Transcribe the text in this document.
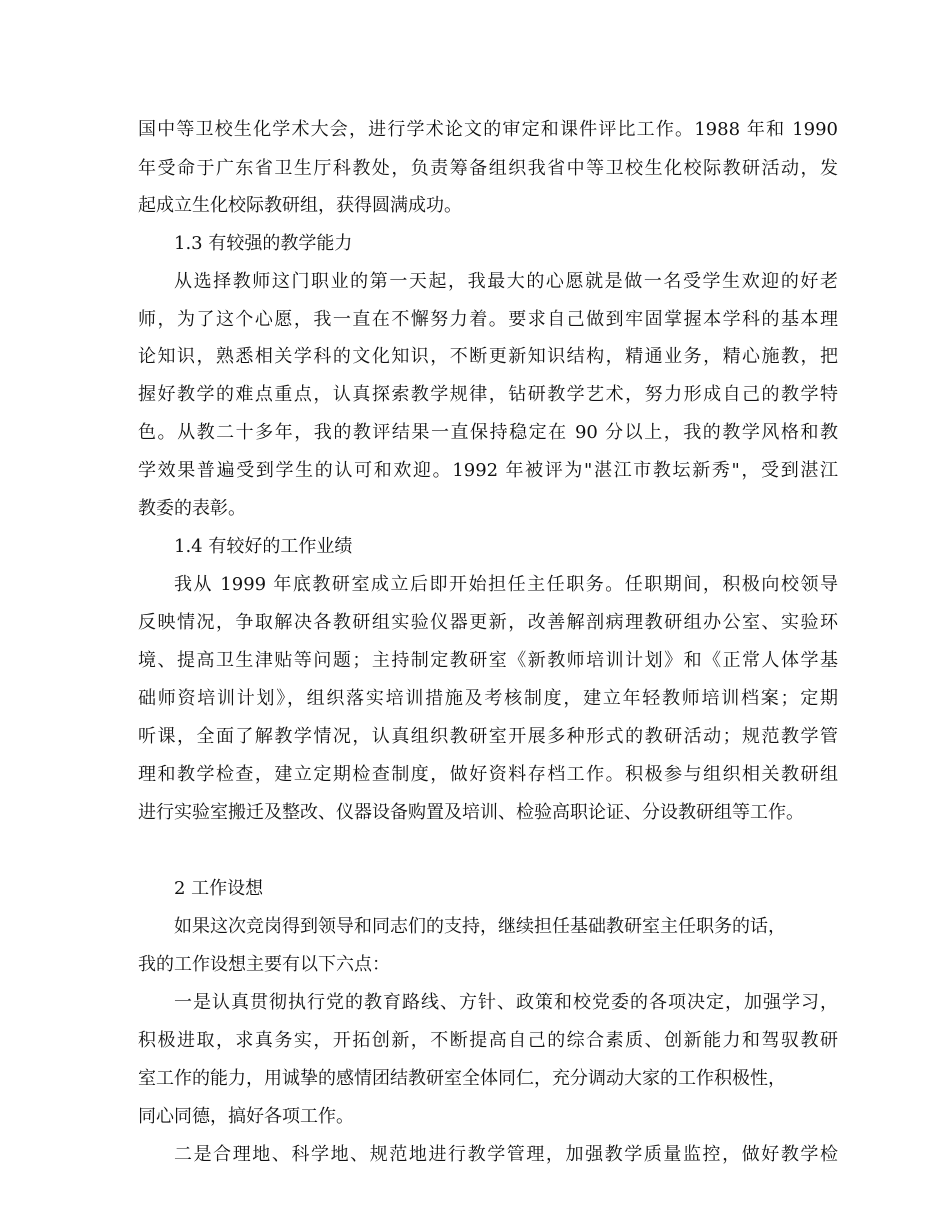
国中等卫校生化学术大会，进行学术论文的审定和课件评比工作。1988 年和 1990
年受命于广东省卫生厅科教处，负责筹备组织我省中等卫校生化校际教研活动，发
起成立生化校际教研组，获得圆满成功。
1.3 有较强的教学能力
从选择教师这门职业的第一天起，我最大的心愿就是做一名受学生欢迎的好老
师，为了这个心愿，我一直在不懈努力着。要求自己做到牢固掌握本学科的基本理
论知识，熟悉相关学科的文化知识，不断更新知识结构，精通业务，精心施教，把
握好教学的难点重点，认真探索教学规律，钻研教学艺术，努力形成自己的教学特
色。从教二十多年，我的教评结果一直保持稳定在 90 分以上，我的教学风格和教
学效果普遍受到学生的认可和欢迎。1992 年被评为"湛江市教坛新秀"，受到湛江
教委的表彰。
1.4 有较好的工作业绩
我从 1999 年底教研室成立后即开始担任主任职务。任职期间，积极向校领导
反映情况，争取解决各教研组实验仪器更新，改善解剖病理教研组办公室、实验环
境、提高卫生津贴等问题；主持制定教研室《新教师培训计划》和《正常人体学基
础师资培训计划》，组织落实培训措施及考核制度，建立年轻教师培训档案；定期
听课，全面了解教学情况，认真组织教研室开展多种形式的教研活动；规范教学管
理和教学检查，建立定期检查制度，做好资料存档工作。积极参与组织相关教研组
进行实验室搬迁及整改、仪器设备购置及培训、检验高职论证、分设教研组等工作。
2 工作设想
如果这次竞岗得到领导和同志们的支持，继续担任基础教研室主任职务的话，
我的工作设想主要有以下六点：
一是认真贯彻执行党的教育路线、方针、政策和校党委的各项决定，加强学习，
积极进取，求真务实，开拓创新，不断提高自己的综合素质、创新能力和驾驭教研
室工作的能力，用诚挚的感情团结教研室全体同仁，充分调动大家的工作积极性，
同心同德，搞好各项工作。
二是合理地、科学地、规范地进行教学管理，加强教学质量监控，做好教学检
